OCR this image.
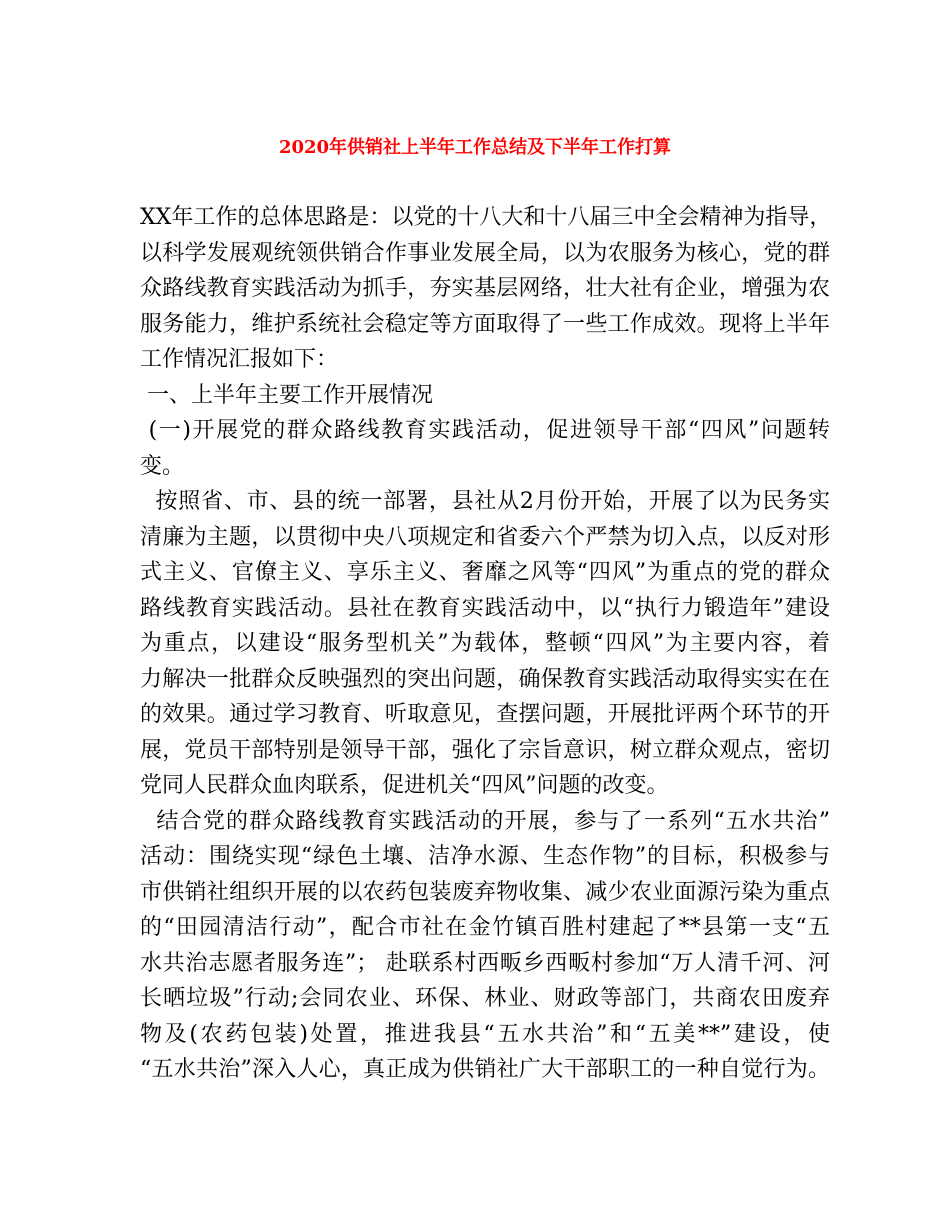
2020年供销社上半年工作总结及下半年工作打算
XX年工作的总体思路是：以党的十八大和十八届三中全会精神为指导，
以科学发展观统领供销合作事业发展全局，以为农服务为核心，党的群
众路线教育实践活动为抓手，夯实基层网络，壮大社有企业，增强为农
服务能力，维护系统社会稳定等方面取得了一些工作成效。现将上半年
工作情况汇报如下：
一、上半年主要工作开展情况
(一)开展党的群众路线教育实践活动，促进领导干部“四风”问题转
变。
按照省、市、县的统一部署，县社从2月份开始，开展了以为民务实
清廉为主题，以贯彻中央八项规定和省委六个严禁为切入点，以反对形
式主义、官僚主义、享乐主义、奢靡之风等“四风”为重点的党的群众
路线教育实践活动。县社在教育实践活动中，以“执行力锻造年”建设
为重点，以建设“服务型机关”为载体，整顿“四风”为主要内容，着
力解决一批群众反映强烈的突出问题，确保教育实践活动取得实实在在
的效果。通过学习教育、听取意见，查摆问题，开展批评两个环节的开
展，党员干部特别是领导干部，强化了宗旨意识，树立群众观点，密切
党同人民群众血肉联系，促进机关“四风”问题的改变。
结合党的群众路线教育实践活动的开展，参与了一系列“五水共治”
活动：围绕实现“绿色土壤、洁净水源、生态作物”的目标，积极参与
市供销社组织开展的以农药包装废弃物收集、减少农业面源污染为重点
的“田园清洁行动”，配合市社在金竹镇百胜村建起了**县第一支“五
水共治志愿者服务连”； 赴联系村西畈乡西畈村参加“万人清千河、河
长晒垃圾”行动;会同农业、环保、林业、财政等部门，共商农田废弃
物及(农药包装)处置，推进我县“五水共治”和“五美**”建设，使
“五水共治”深入人心，真正成为供销社广大干部职工的一种自觉行为。
